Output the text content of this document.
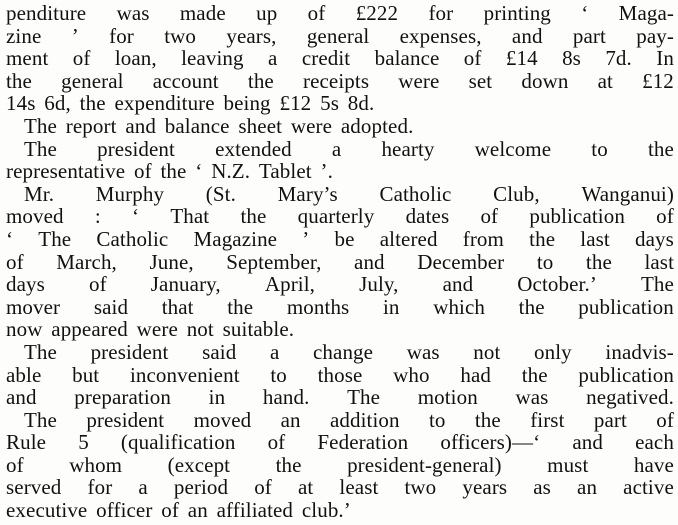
penditure was made up of £222 for printing ‘ Maga-
zine ’ for two years, general expenses, and part pay-
ment of loan, leaving a credit balance of £14 8s 7d. In
the general account the receipts were set down at £12
14s 6d, the expenditure being £12 5s 8d.
The report and balance sheet were adopted.
The president extended a hearty welcome to the
representative of the ‘ N.Z. Tablet ’.
Mr. Murphy (St. Mary’s Catholic Club, Wanganui)
moved : ‘ That the quarterly dates of publication of
‘ The Catholic Magazine ’ be altered from the last days
of March, June, September, and December to the last
days of January, April, July, and October.’ The
mover said that the months in which the publication
now appeared were not suitable.
The president said a change was not only inadvis-
able but inconvenient to those who had the publication
and preparation in hand. The motion was negatived.
The president moved an addition to the first part of
Rule 5 (qualification of Federation officers)—‘ and each
of whom (except the president-general) must have
served for a period of at least two years as an active
executive officer of an affiliated club.’
